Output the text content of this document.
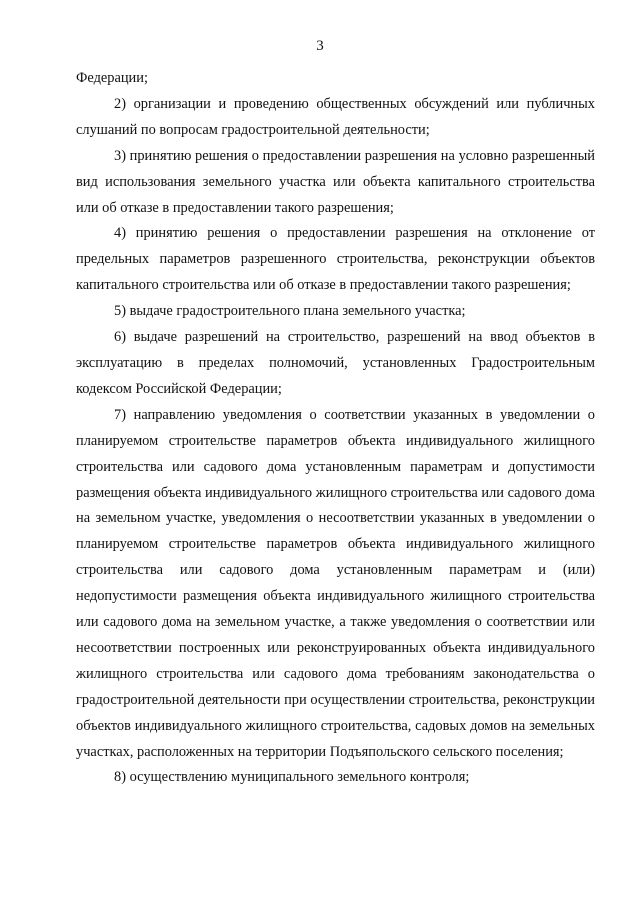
3

Федерации;

2) организации и проведению общественных обсуждений или публичных слушаний по вопросам градостроительной деятельности;

3) принятию решения о предоставлении разрешения на условно разрешенный вид использования земельного участка или объекта капитального строительства или об отказе в предоставлении такого разрешения;

4) принятию решения о предоставлении разрешения на отклонение от предельных параметров разрешенного строительства, реконструкции объектов капитального строительства или об отказе в предоставлении такого разрешения;

5) выдаче градостроительного плана земельного участка;

6) выдаче разрешений на строительство, разрешений на ввод объектов в эксплуатацию в пределах полномочий, установленных Градостроительным кодексом Российской Федерации;

7) направлению уведомления о соответствии указанных в уведомлении о планируемом строительстве параметров объекта индивидуального жилищного строительства или садового дома установленным параметрам и допустимости размещения объекта индивидуального жилищного строительства или садового дома на земельном участке, уведомления о несоответствии указанных в уведомлении о планируемом строительстве параметров объекта индивидуального жилищного строительства или садового дома установленным параметрам и (или) недопустимости размещения объекта индивидуального жилищного строительства или садового дома на земельном участке, а также уведомления о соответствии или несоответствии построенных или реконструированных объекта индивидуального жилищного строительства или садового дома требованиям законодательства о градостроительной деятельности при осуществлении строительства, реконструкции объектов индивидуального жилищного строительства, садовых домов на земельных участках, расположенных на территории Подъяпольского сельского поселения;

8) осуществлению муниципального земельного контроля;
